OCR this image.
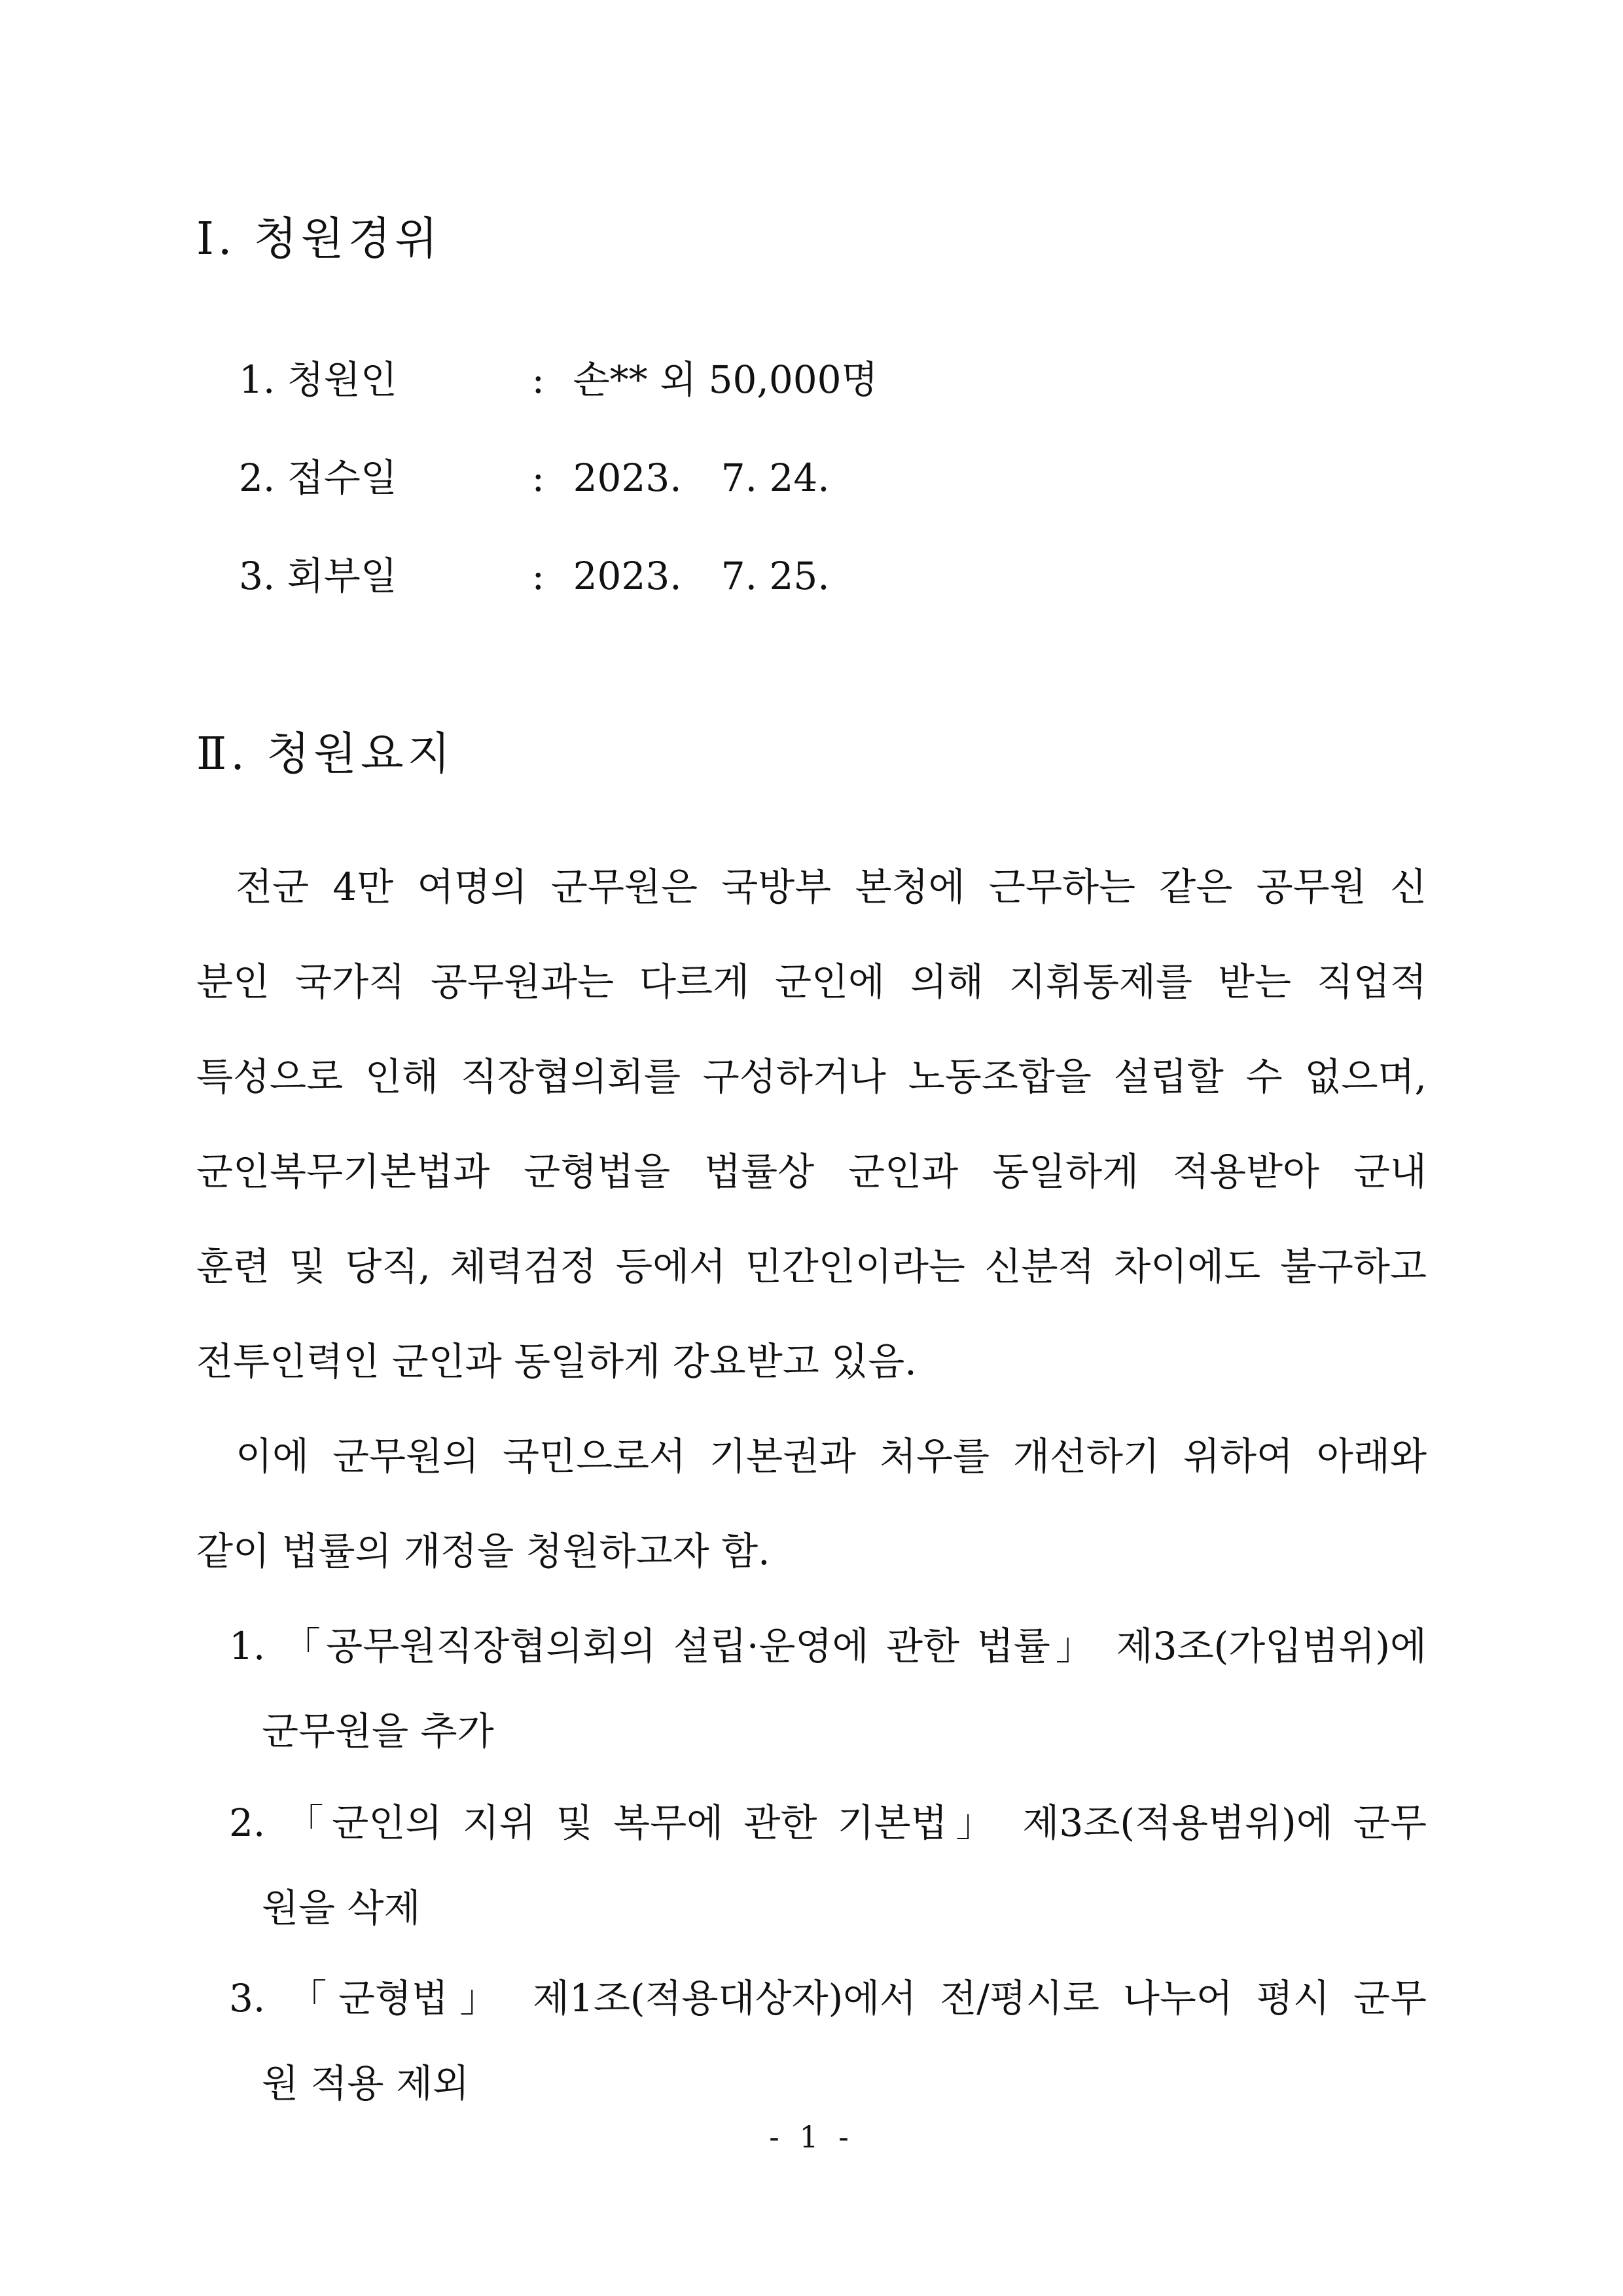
Ⅰ. 청원경위
1. 청원인	: 손** 외 50,000명
2. 접수일	: 2023. 7. 24.
3. 회부일	: 2023. 7. 25.
Ⅱ. 청원요지
전군 4만 여명의 군무원은 국방부 본청에 근무하는 같은 공무원 신
분인 국가직 공무원과는 다르게 군인에 의해 지휘통제를 받는 직업적
특성으로 인해 직장협의회를 구성하거나 노동조합을 설립할 수 없으며,
군인복무기본법과 군형법을 법률상 군인과 동일하게 적용받아 군내
훈련 및 당직, 체력검정 등에서 민간인이라는 신분적 차이에도 불구하고
전투인력인 군인과 동일하게 강요받고 있음.
이에 군무원의 국민으로서 기본권과 처우를 개선하기 위하여 아래와
같이 법률의 개정을 청원하고자 함.
1. 「공무원직장협의회의 설립·운영에 관한 법률」 제3조(가입범위)에
군무원을 추가
2. 「군인의 지위 및 복무에 관한 기본법」 제3조(적용범위)에 군무
원을 삭제
3. 「군형법」 제1조(적용대상자)에서 전/평시로 나누어 평시 군무
원 적용 제외
- 1 -
